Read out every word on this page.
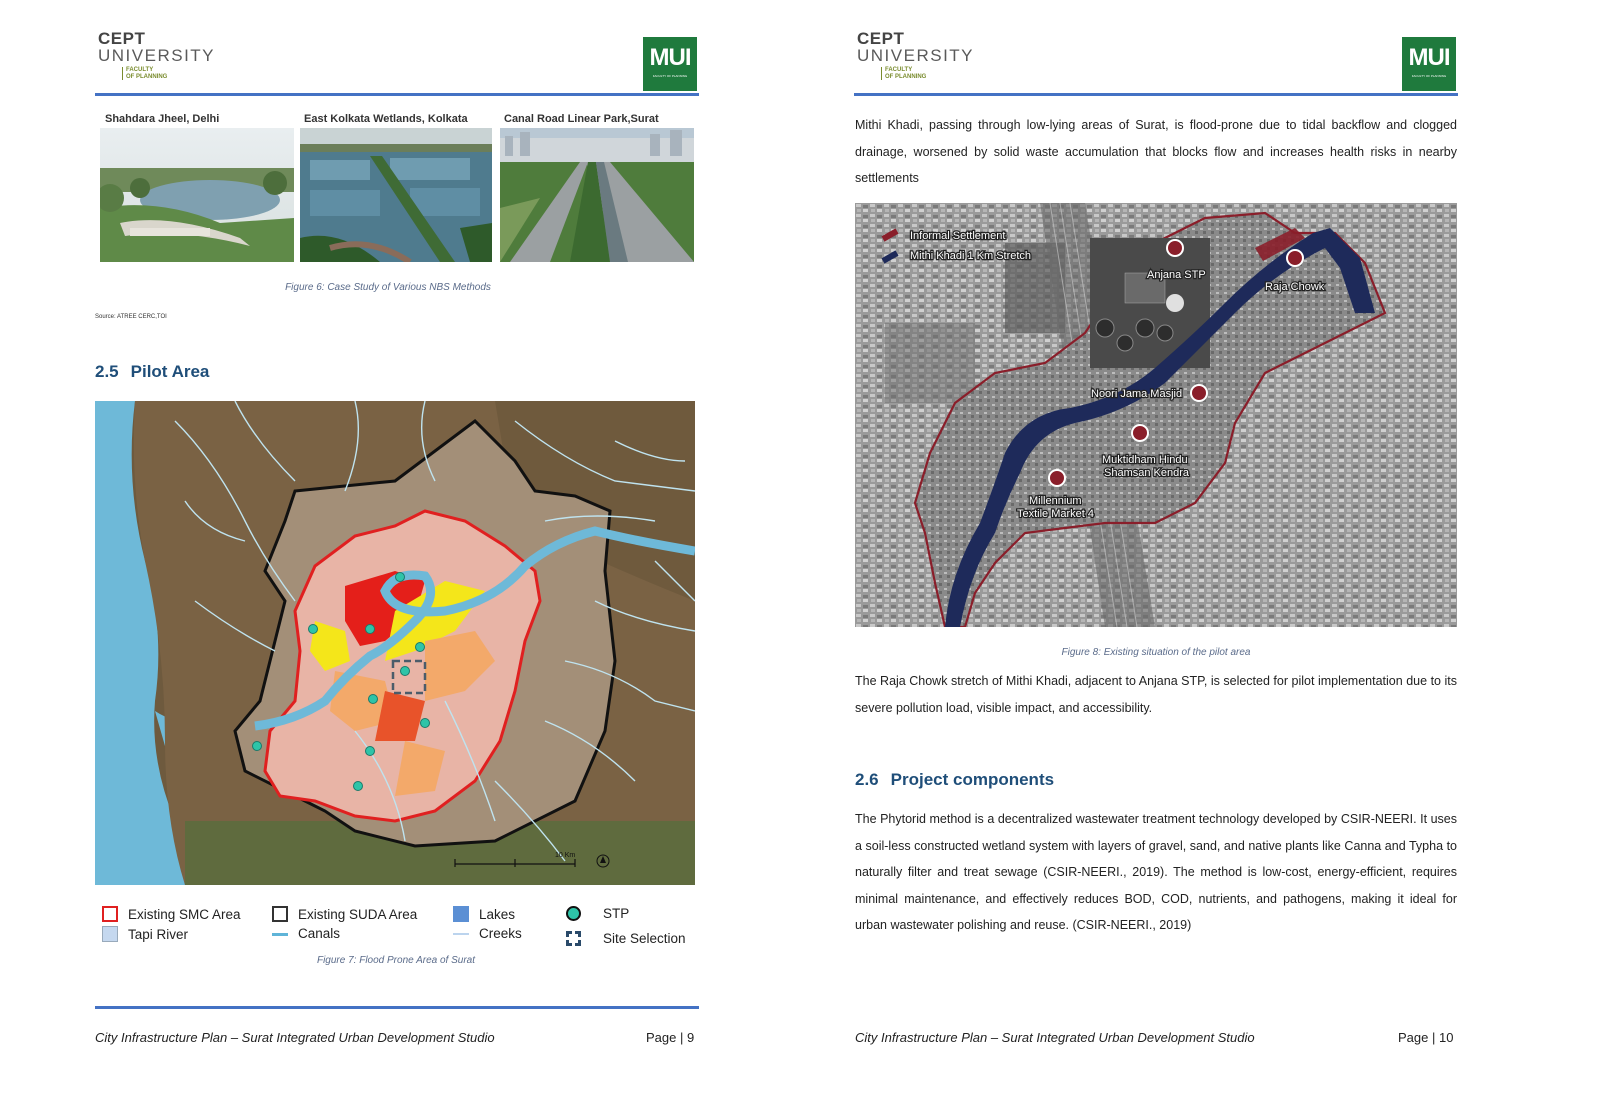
CEPT
UNIVERSITY
FACULTY
OF PLANNING
MUI
FACULTY OF PLANNING
Shahdara Jheel, Delhi	East Kolkata Wetlands, Kolkata	Canal Road Linear Park,Surat
Figure 6: Case Study of Various NBS Methods
Source: ATREE CERC,TOI
2.5 Pilot Area
10 Km
Existing SMC Area
Tapi River
Existing SUDA Area
Canals
Lakes
Creeks
STP
Site Selection
Figure 7: Flood Prone Area of Surat
City Infrastructure Plan – Surat Integrated Urban Development Studio	Page | 9
CEPT
UNIVERSITY
FACULTY
OF PLANNING
MUI
FACULTY OF PLANNING
Mithi Khadi, passing through low-lying areas of Surat, is flood-prone due to tidal backflow and clogged drainage, worsened by solid waste accumulation that blocks flow and increases health risks in nearby settlements
Informal Settlement
Mithi Khadi 1 Km Stretch
Anjana STP
Raja Chowk
Noori Jama Masjid
Muktidham Hindu
Shamsan Kendra
Millennium
Textile Market 4
Figure 8: Existing situation of the pilot area
The Raja Chowk stretch of Mithi Khadi, adjacent to Anjana STP, is selected for pilot implementation due to its severe pollution load, visible impact, and accessibility.
2.6 Project components
The Phytorid method is a decentralized wastewater treatment technology developed by CSIR-NEERI. It uses a soil-less constructed wetland system with layers of gravel, sand, and native plants like Canna and Typha to naturally filter and treat sewage (CSIR-NEERI., 2019). The method is low-cost, energy-efficient, requires minimal maintenance, and effectively reduces BOD, COD, nutrients, and pathogens, making it ideal for urban wastewater polishing and reuse. (CSIR-NEERI., 2019)
City Infrastructure Plan – Surat Integrated Urban Development Studio	Page | 10
